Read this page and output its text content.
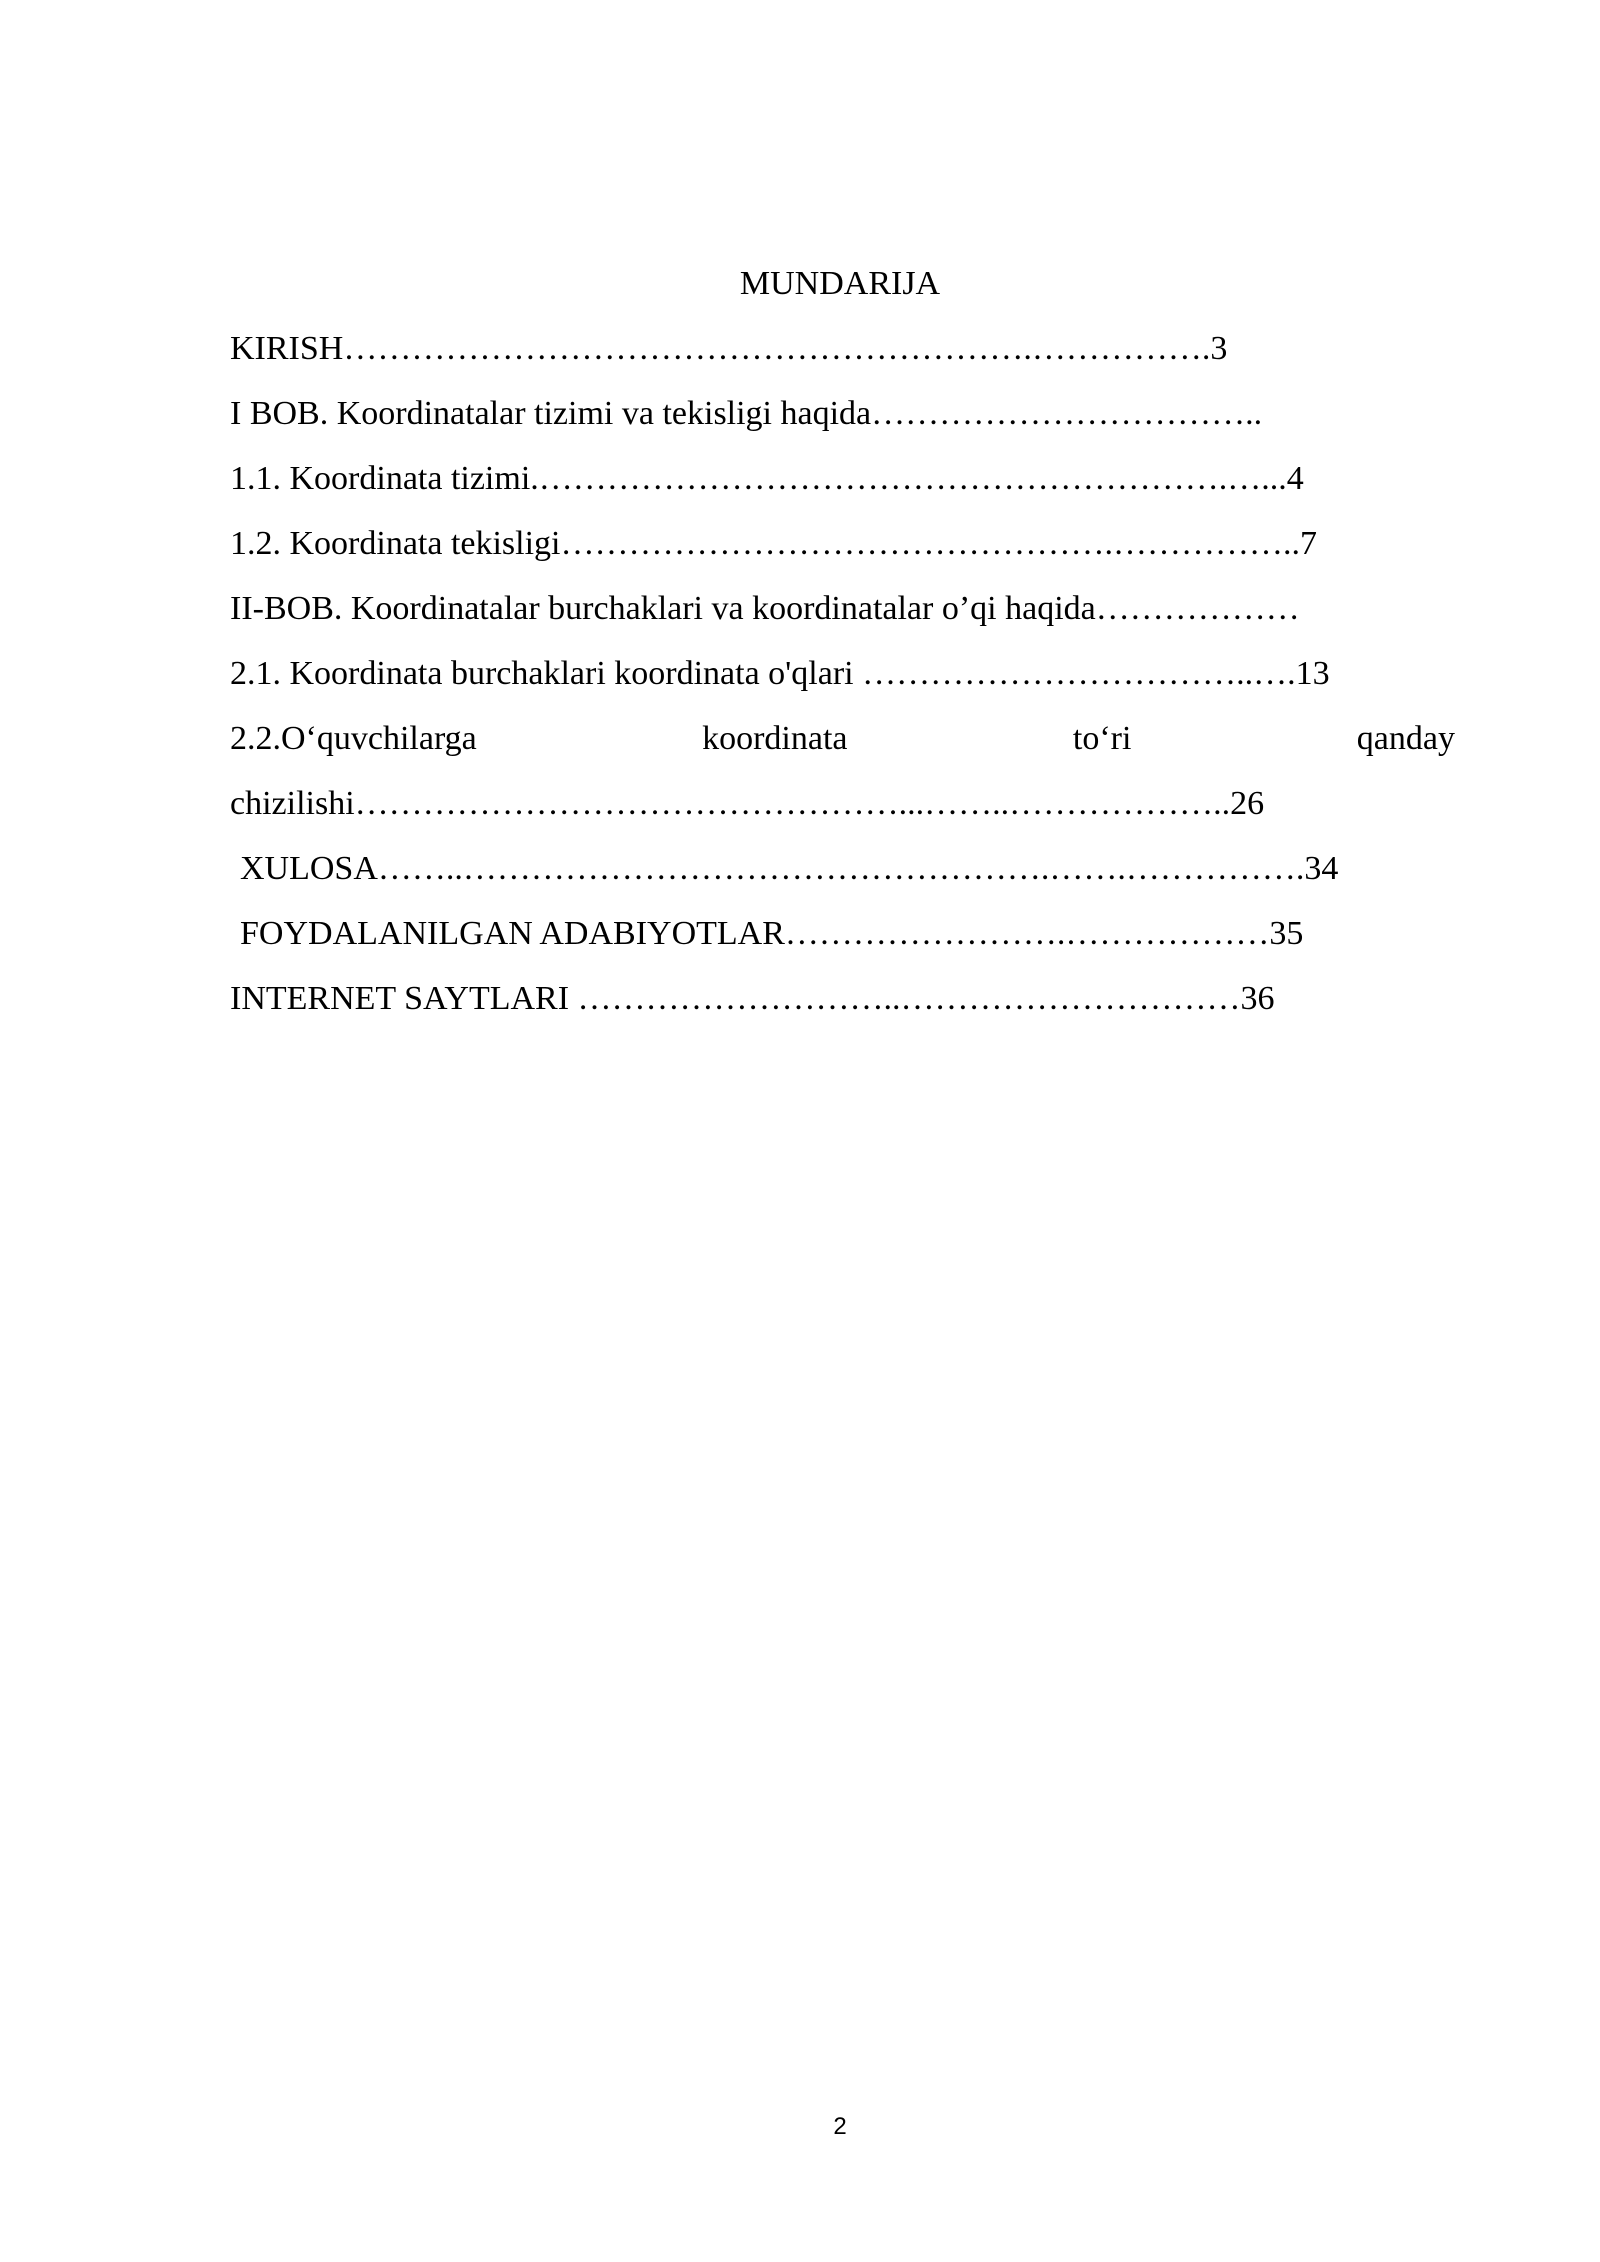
MUNDARIJA
KIRISH…………………………………………………….…………….3
I BOB. Koordinatalar tizimi va tekisligi haqida……………………………..
1.1. Koordinata tizimi.…………………………………………………….…...4
1.2. Koordinata tekisligi………………………………………….……………..7
II-BOB. Koordinatalar burchaklari va koordinatalar o’qi haqida………………
2.1. Koordinata burchaklari koordinata o'qlari ……………………………..….13
2.2.O‘quvchilarga	koordinata	to‘ri	qanday
chizilishi…………………………………………...……..………………..26
XULOSA……..…………………………………………….…….…………….34
FOYDALANILGAN ADABIYOTLAR…………………….………………35
INTERNET SAYTLARI ………………………..…………………………36
2
